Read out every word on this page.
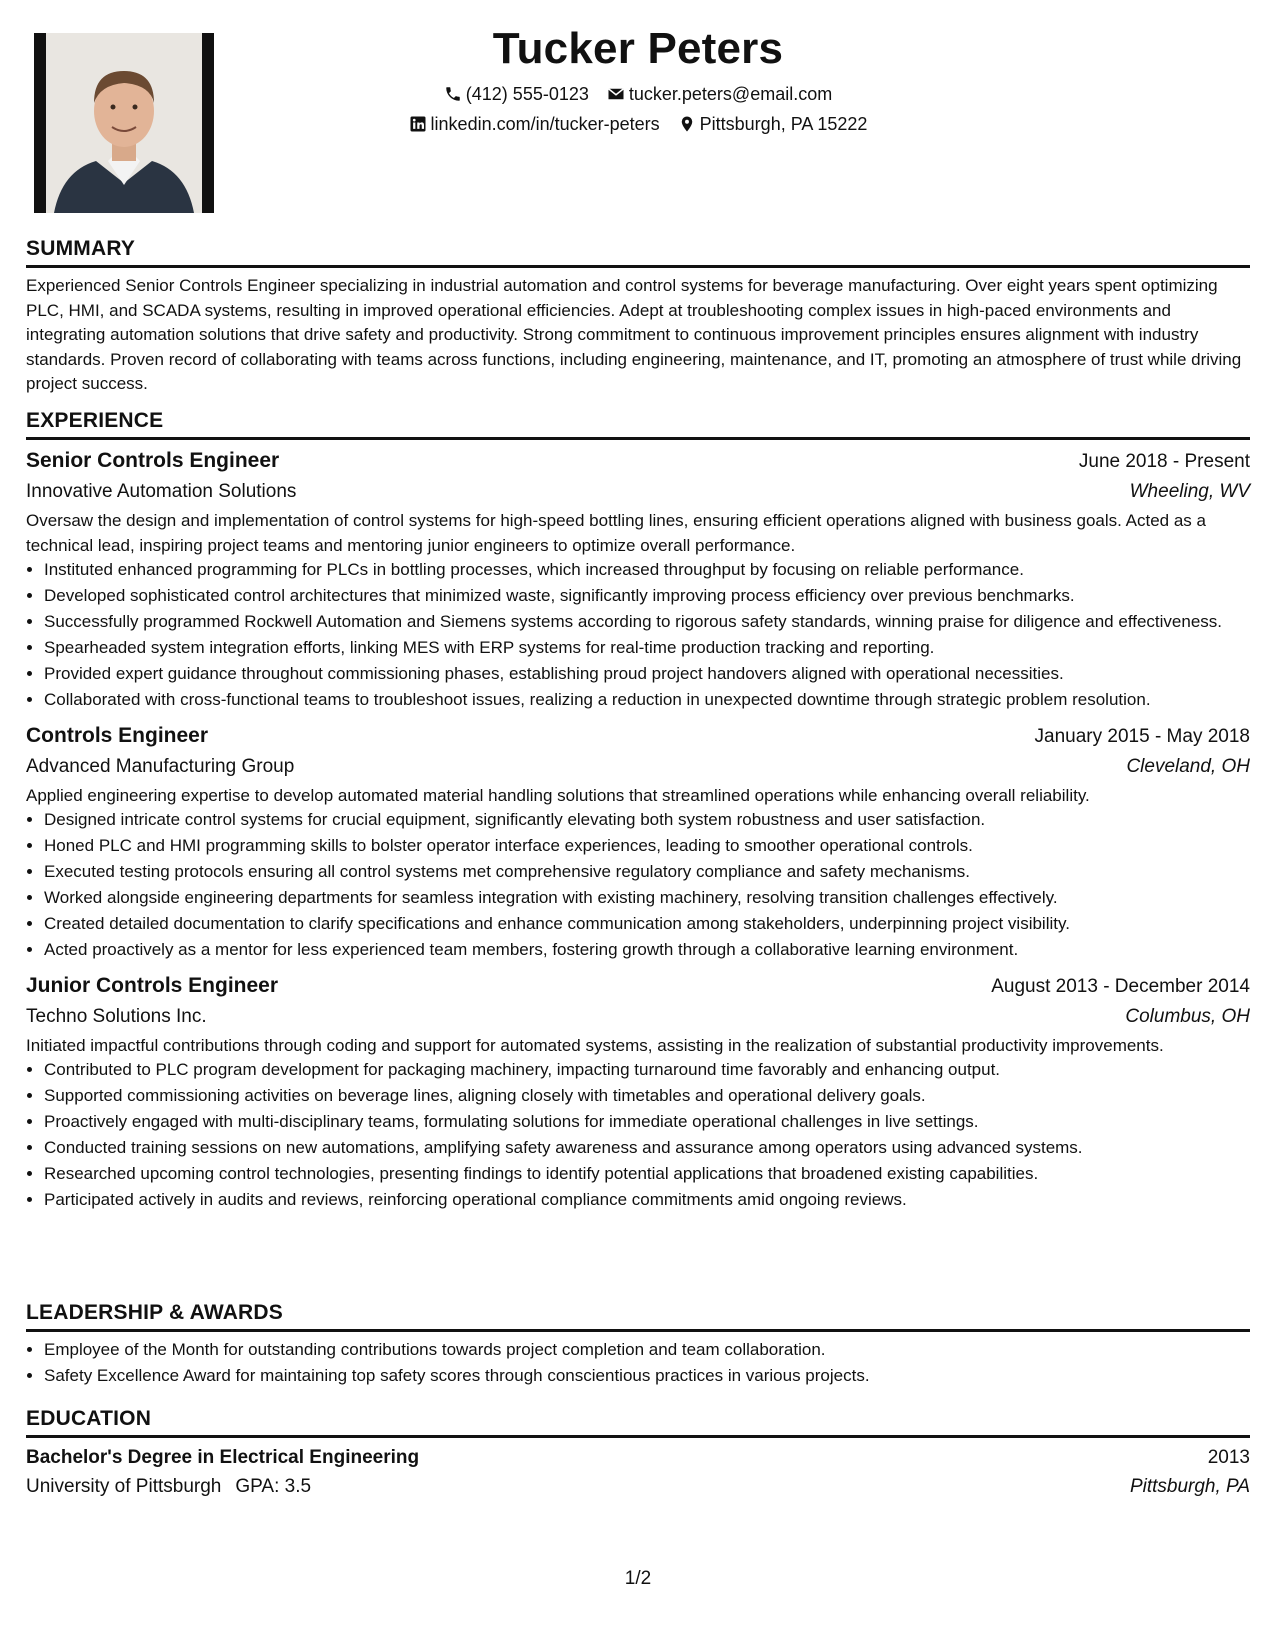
Tucker Peters
(412) 555-0123 tucker.peters@email.com
linkedin.com/in/tucker-peters Pittsburgh, PA 15222
SUMMARY

Experienced Senior Controls Engineer specializing in industrial automation and control systems for beverage manufacturing. Over eight years spent optimizing PLC, HMI, and SCADA systems, resulting in improved operational efficiencies. Adept at troubleshooting complex issues in high-paced environments and integrating automation solutions that drive safety and productivity. Strong commitment to continuous improvement principles ensures alignment with industry standards. Proven record of collaborating with teams across functions, including engineering, maintenance, and IT, promoting an atmosphere of trust while driving project success.

EXPERIENCE
Senior Controls Engineer	June 2018 - Present
Innovative Automation Solutions	Wheeling, WV

Oversaw the design and implementation of control systems for high-speed bottling lines, ensuring efficient operations aligned with business goals. Acted as a technical lead, inspiring project teams and mentoring junior engineers to optimize overall performance.

• Instituted enhanced programming for PLCs in bottling processes, which increased throughput by focusing on reliable performance.
• Developed sophisticated control architectures that minimized waste, significantly improving process efficiency over previous benchmarks.
• Successfully programmed Rockwell Automation and Siemens systems according to rigorous safety standards, winning praise for diligence and effectiveness.
• Spearheaded system integration efforts, linking MES with ERP systems for real-time production tracking and reporting.
• Provided expert guidance throughout commissioning phases, establishing proud project handovers aligned with operational necessities.
• Collaborated with cross-functional teams to troubleshoot issues, realizing a reduction in unexpected downtime through strategic problem resolution.
Controls Engineer	January 2015 - May 2018
Advanced Manufacturing Group	Cleveland, OH

Applied engineering expertise to develop automated material handling solutions that streamlined operations while enhancing overall reliability.

• Designed intricate control systems for crucial equipment, significantly elevating both system robustness and user satisfaction.
• Honed PLC and HMI programming skills to bolster operator interface experiences, leading to smoother operational controls.
• Executed testing protocols ensuring all control systems met comprehensive regulatory compliance and safety mechanisms.
• Worked alongside engineering departments for seamless integration with existing machinery, resolving transition challenges effectively.
• Created detailed documentation to clarify specifications and enhance communication among stakeholders, underpinning project visibility.
• Acted proactively as a mentor for less experienced team members, fostering growth through a collaborative learning environment.
Junior Controls Engineer	August 2013 - December 2014
Techno Solutions Inc.	Columbus, OH

Initiated impactful contributions through coding and support for automated systems, assisting in the realization of substantial productivity improvements.

• Contributed to PLC program development for packaging machinery, impacting turnaround time favorably and enhancing output.
• Supported commissioning activities on beverage lines, aligning closely with timetables and operational delivery goals.
• Proactively engaged with multi-disciplinary teams, formulating solutions for immediate operational challenges in live settings.
• Conducted training sessions on new automations, amplifying safety awareness and assurance among operators using advanced systems.
• Researched upcoming control technologies, presenting findings to identify potential applications that broadened existing capabilities.
• Participated actively in audits and reviews, reinforcing operational compliance commitments amid ongoing reviews.
LEADERSHIP & AWARDS
• Employee of the Month for outstanding contributions towards project completion and team collaboration.
• Safety Excellence Award for maintaining top safety scores through conscientious practices in various projects.
EDUCATION
Bachelor's Degree in Electrical Engineering	2013
University of Pittsburgh GPA: 3.5	Pittsburgh, PA
1/2
